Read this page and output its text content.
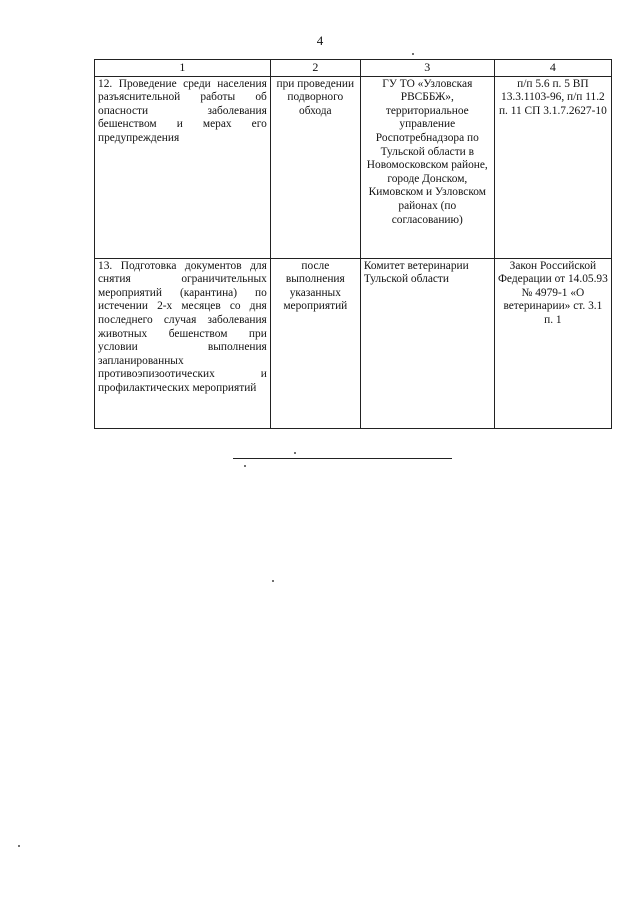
4
1	2	3	4
12. Проведение среди населения разъяснительной работы об опасности заболевания бешенством и мерах его предупреждения	при проведении подворного обхода	ГУ ТО «Узловская РВСББЖ», территориальное управление Роспотребнадзора по Тульской области в Новомосковском районе, городе Донском, Кимовском и Узловском районах (по согласованию)	п/п 5.6 п. 5 ВП 13.3.1103-96, п/п 11.2 п. 11 СП 3.1.7.2627-10
13. Подготовка документов для снятия ограничительных мероприятий (карантина) по истечении 2-х месяцев со дня последнего случая заболевания животных бешенством при условии выполнения запланированных противоэпизоотических и профилактических мероприятий	после выполнения указанных мероприятий	Комитет ветеринарии Тульской области	Закон Российской Федерации от 14.05.93 № 4979-1 «О ветеринарии» ст. 3.1 п. 1
